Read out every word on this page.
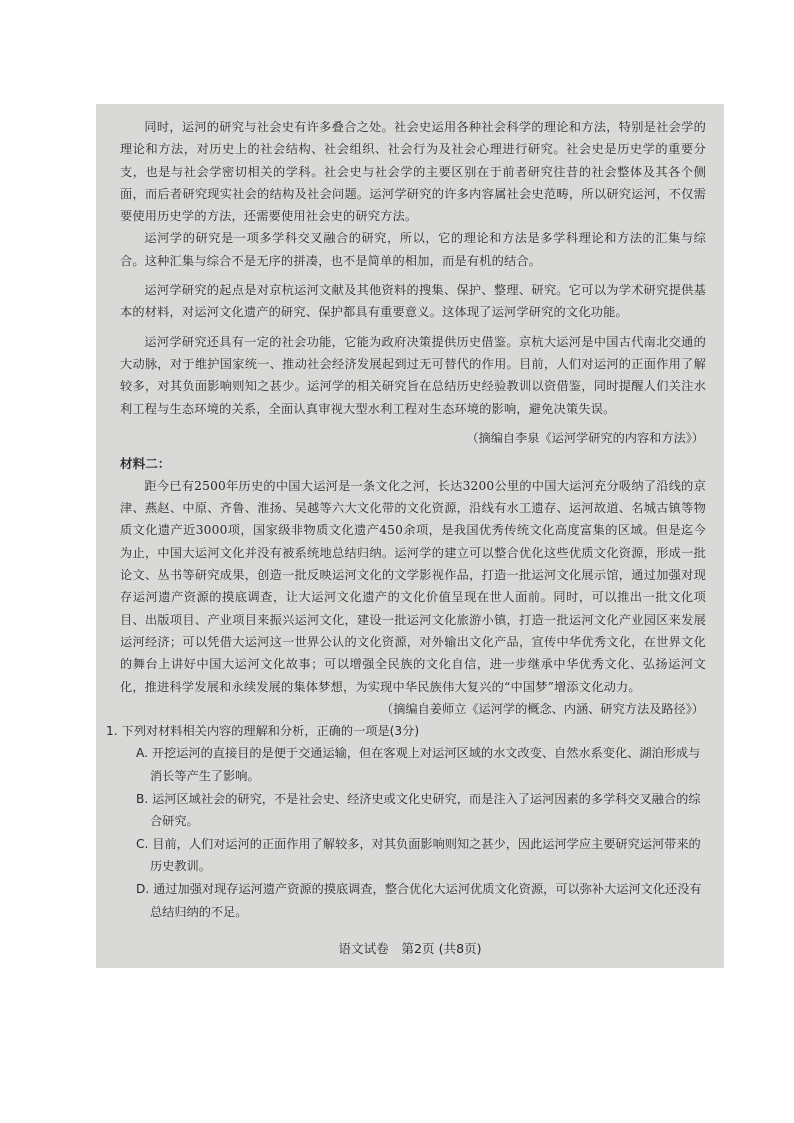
同时，运河的研究与社会史有许多叠合之处。社会史运用各种社会科学的理论和方法，特别是社会学的理论和方法，对历史上的社会结构、社会组织、社会行为及社会心理进行研究。社会史是历史学的重要分支，也是与社会学密切相关的学科。社会史与社会学的主要区别在于前者研究往昔的社会整体及其各个侧面，而后者研究现实社会的结构及社会问题。运河学研究的许多内容属社会史范畴，所以研究运河，不仅需要使用历史学的方法，还需要使用社会史的研究方法。

运河学的研究是一项多学科交叉融合的研究，所以，它的理论和方法是多学科理论和方法的汇集与综合。这种汇集与综合不是无序的拼凑，也不是简单的相加，而是有机的结合。

运河学研究的起点是对京杭运河文献及其他资料的搜集、保护、整理、研究。它可以为学术研究提供基本的材料，对运河文化遗产的研究、保护都具有重要意义。这体现了运河学研究的文化功能。

运河学研究还具有一定的社会功能，它能为政府决策提供历史借鉴。京杭大运河是中国古代南北交通的大动脉，对于维护国家统一、推动社会经济发展起到过无可替代的作用。目前，人们对运河的正面作用了解较多，对其负面影响则知之甚少。运河学的相关研究旨在总结历史经验教训以资借鉴，同时提醒人们关注水利工程与生态环境的关系，全面认真审视大型水利工程对生态环境的影响，避免决策失误。

（摘编自李泉《运河学研究的内容和方法》）

材料二：

距今已有2500年历史的中国大运河是一条文化之河，长达3200公里的中国大运河充分吸纳了沿线的京津、燕赵、中原、齐鲁、淮扬、吴越等六大文化带的文化资源，沿线有水工遗存、运河故道、名城古镇等物质文化遗产近3000项，国家级非物质文化遗产450余项，是我国优秀传统文化高度富集的区域。但是迄今为止，中国大运河文化并没有被系统地总结归纳。运河学的建立可以整合优化这些优质文化资源，形成一批论文、丛书等研究成果，创造一批反映运河文化的文学影视作品，打造一批运河文化展示馆，通过加强对现存运河遗产资源的摸底调查，让大运河文化遗产的文化价值呈现在世人面前。同时，可以推出一批文化项目、出版项目、产业项目来振兴运河文化，建设一批运河文化旅游小镇，打造一批运河文化产业园区来发展运河经济；可以凭借大运河这一世界公认的文化资源，对外输出文化产品，宣传中华优秀文化，在世界文化的舞台上讲好中国大运河文化故事；可以增强全民族的文化自信，进一步继承中华优秀文化、弘扬运河文化，推进科学发展和永续发展的集体梦想，为实现中华民族伟大复兴的“中国梦”增添文化动力。

（摘编自姜师立《运河学的概念、内涵、研究方法及路径》）

1. 下列对材料相关内容的理解和分析，正确的一项是(3分)

A. 开挖运河的直接目的是便于交通运输，但在客观上对运河区域的水文改变、自然水系变化、湖泊形成与消长等产生了影响。

B. 运河区域社会的研究，不是社会史、经济史或文化史研究，而是注入了运河因素的多学科交叉融合的综合研究。

C. 目前，人们对运河的正面作用了解较多，对其负面影响则知之甚少，因此运河学应主要研究运河带来的历史教训。

D. 通过加强对现存运河遗产资源的摸底调查，整合优化大运河优质文化资源，可以弥补大运河文化还没有总结归纳的不足。

语文试卷　第2页 (共8页)
